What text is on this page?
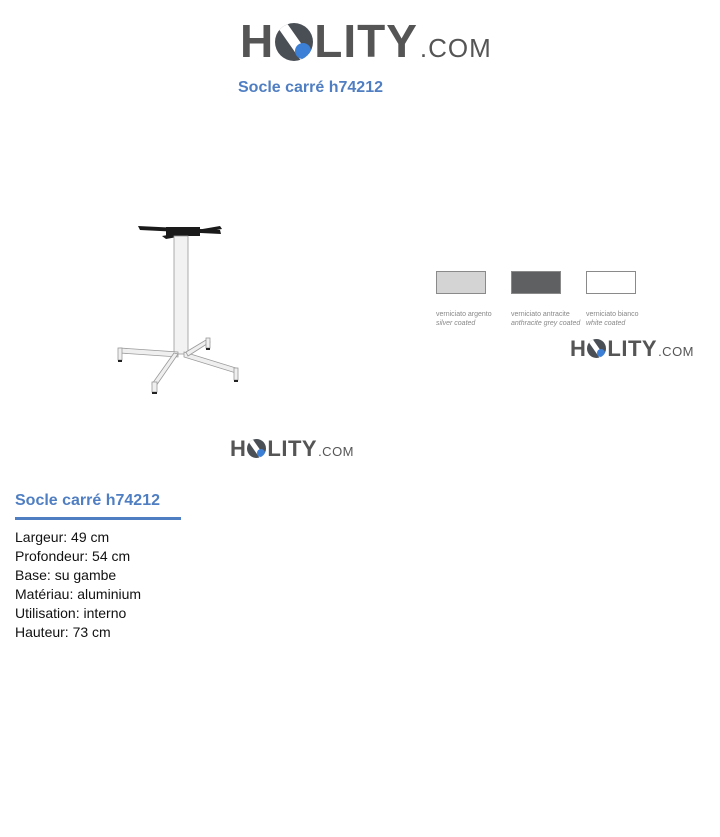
H LITY .COM
Socle carré h74212
H LITY .COM
verniciato argento
silver coated
verniciato antracite
anthracite grey coated
verniciato bianco
white coated
H LITY .COM
Socle carré h74212
Largeur: 49 cm
Profondeur: 54 cm
Base: su gambe
Matériau: aluminium
Utilisation: interno
Hauteur: 73 cm
